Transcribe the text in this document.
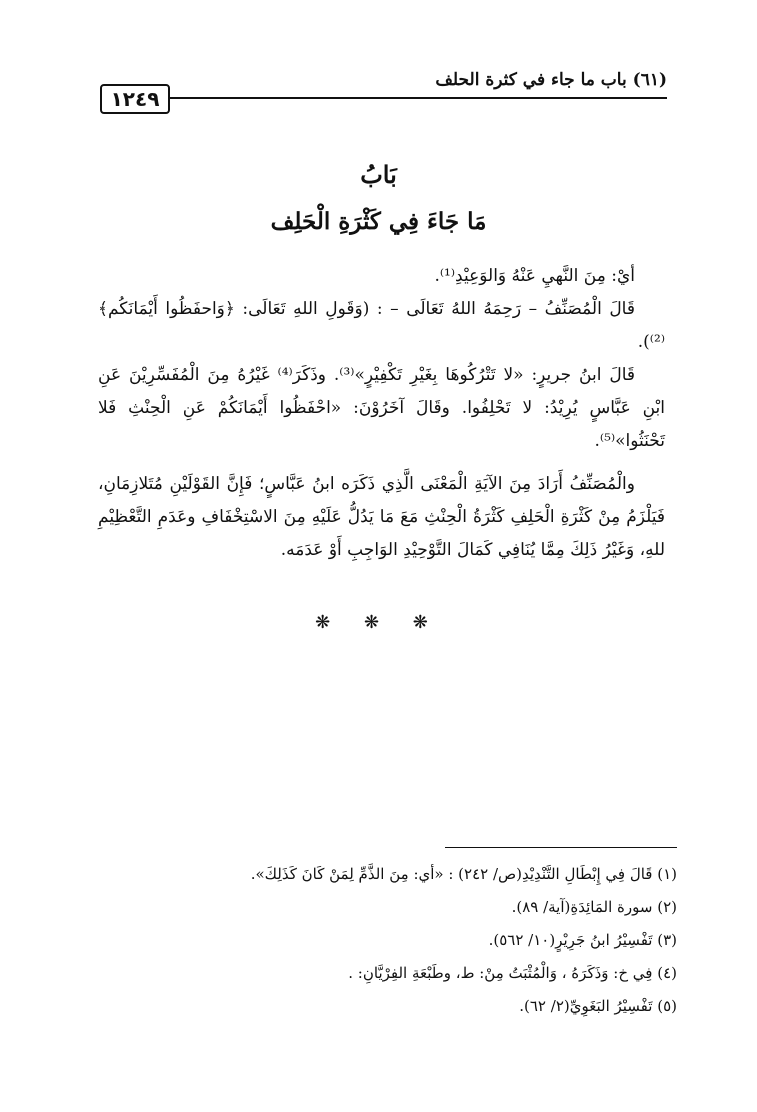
١٢٤٩
(٦١) باب ما جاء في كثرة الحلف
بَابُ
مَا جَاءَ فِي كَثْرَةِ الْحَلِف

أيْ: مِنَ النَّهيِ عَنْهُ وَالوَعِيْدِ⁽¹⁾.

قَالَ الْمُصَنِّفُ – رَحِمَهُ اللهُ تَعَالَى – : (وَقَولِ اللهِ تَعَالَى: ﴿وَاحفَظُوا أَيْمَانَكُم﴾⁽²⁾).

قَالَ ابنُ جريرٍ: «لا تَتْرُكُوهَا بِغَيْرِ تَكْفِيْرٍ»⁽³⁾. وذَكَرَ⁽⁴⁾ غَيْرُهُ مِنَ الْمُفَسِّرِيْنَ عَنِ ابْنِ عَبَّاسٍ يُرِيْدُ: لا تَحْلِفُوا. وقَالَ آخَرُوْنَ: «احْفَظُوا أَيْمَانَكُمْ عَنِ الْحِنْثِ فَلا تَحْنَثُوا»⁽⁵⁾.

والْمُصَنِّفُ أَرَادَ مِنَ الآيَةِ الْمَعْنَى الَّذِي ذَكَرَه ابنُ عَبَّاسٍ؛ فَإِنَّ القَوْلَيْنِ مُتَلازِمَانِ، فَيَلْزَمُ مِنْ كَثْرَةِ الْحَلِفِ كَثْرَةُ الْحِنْثِ مَعَ مَا يَدُلُّ عَلَيْهِ مِنَ الاسْتِخْفَافِ وعَدَمِ التَّعْظِيْمِ للهِ، وَغَيْرُ ذَلِكَ مِمَّا يُنَافِي كَمَالَ التَّوْحِيْدِ الوَاجِبِ أَوْ عَدَمَه.

❋ ❋ ❋
(١) قَالَ فِي إِبْطَالِ التَّنْدِيْدِ(ص/ ٢٤٢) : «أي: مِنَ الذَّمِّ لِمَنْ كَانَ كَذَلِكَ».
(٢) سورة المَائِدَةِ(آية/ ٨٩).
(٣) تَفْسِيْرُ ابنُ جَرِيْرٍ(١٠/ ٥٦٢).
(٤) فِي خ: وَذَكَرَهُ ، وَالْمُثْبَتُ مِنْ: ط، وطَبْعَةِ الفِرْيَّانِ: .
(٥) تَفْسِيْرُ البَغَوِيِّ(٢/ ٦٢).
